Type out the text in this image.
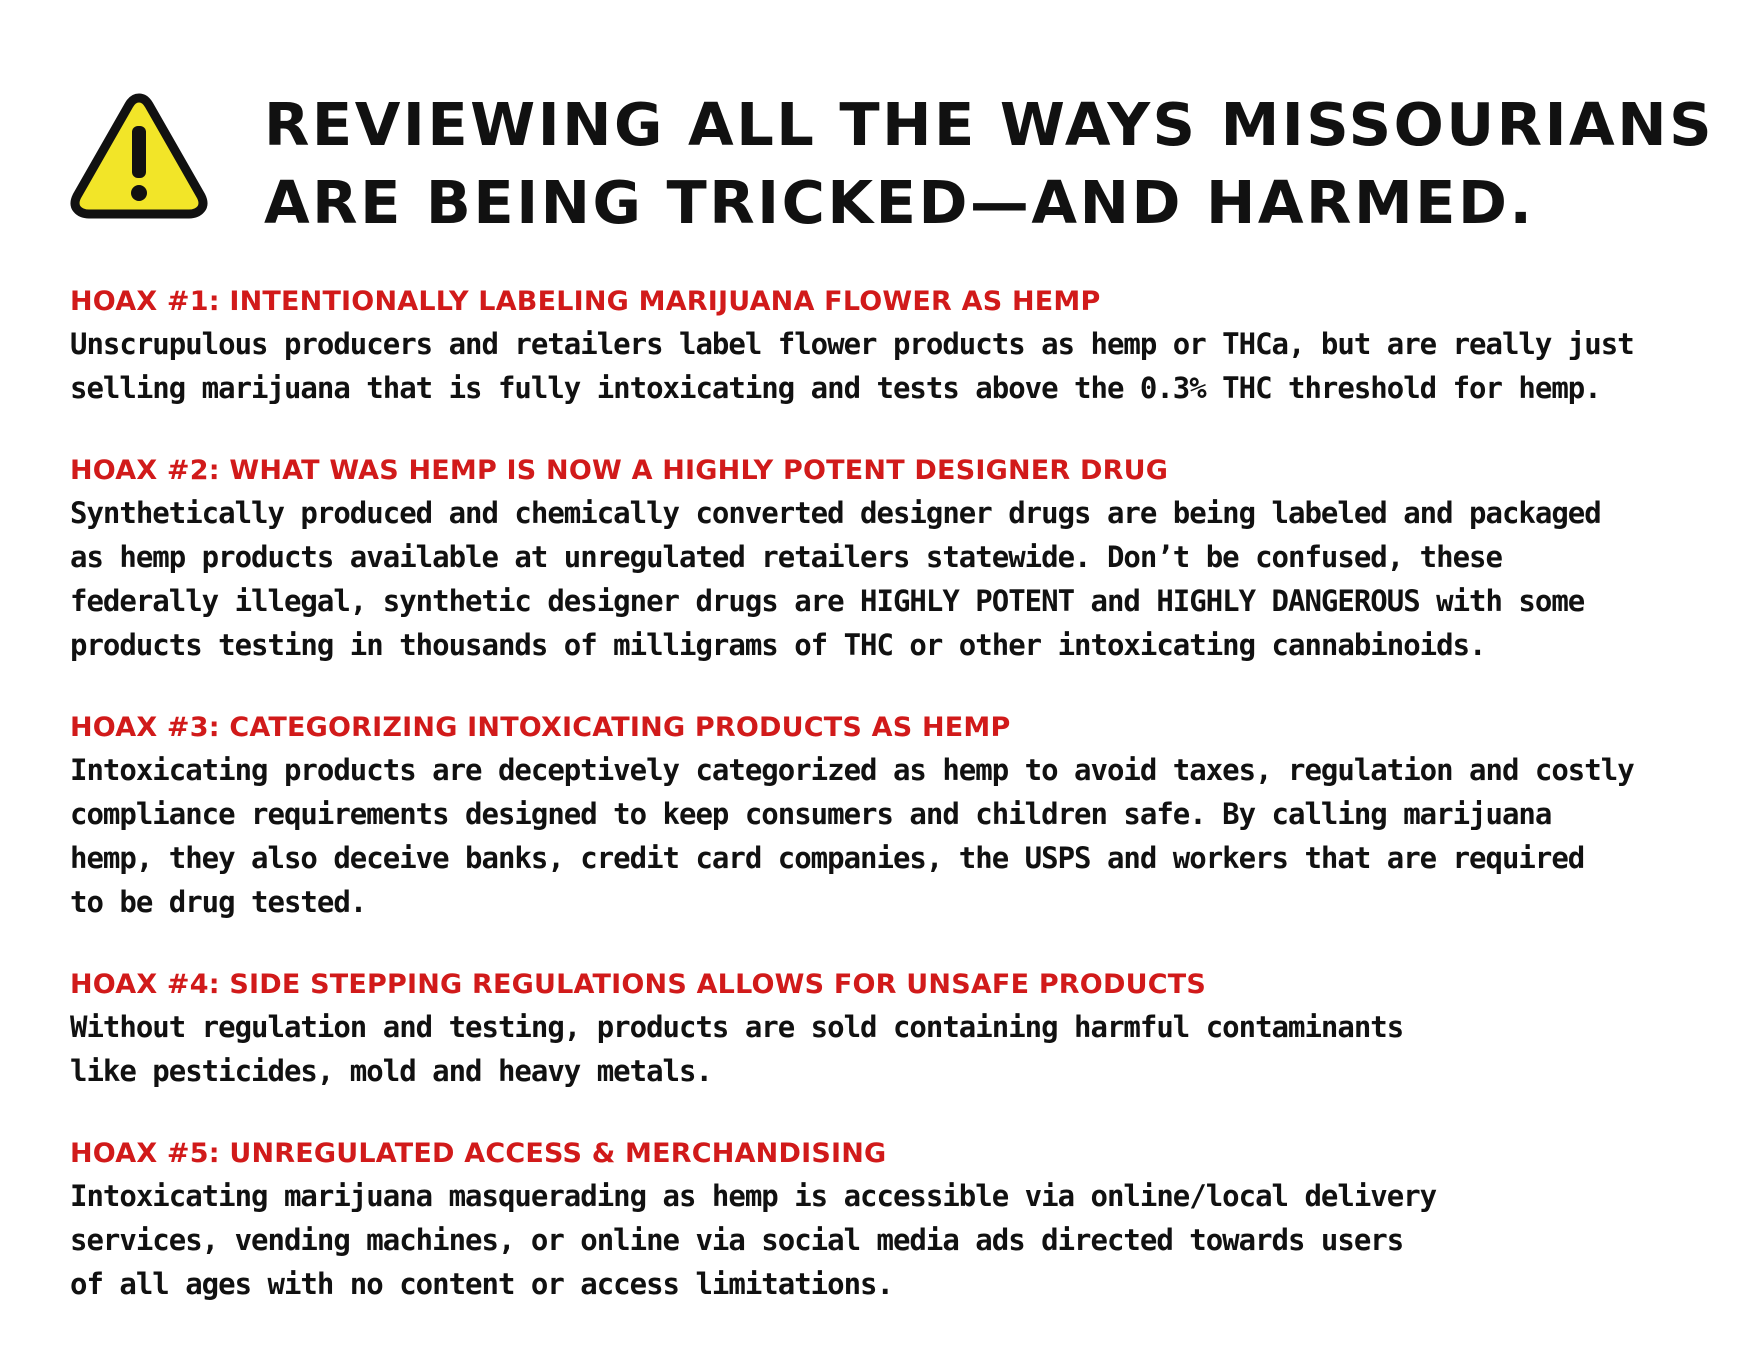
REVIEWING ALL THE WAYS MISSOURIANS
ARE BEING TRICKED—AND HARMED.
HOAX #1: INTENTIONALLY LABELING MARIJUANA FLOWER AS HEMP

Unscrupulous producers and retailers label flower products as hemp or THCa, but are really just
selling marijuana that is fully intoxicating and tests above the 0.3% THC threshold for hemp.

HOAX #2: WHAT WAS HEMP IS NOW A HIGHLY POTENT DESIGNER DRUG

Synthetically produced and chemically converted designer drugs are being labeled and packaged
as hemp products available at unregulated retailers statewide. Don’t be confused, these
federally illegal, synthetic designer drugs are HIGHLY POTENT and HIGHLY DANGEROUS with some
products testing in thousands of milligrams of THC or other intoxicating cannabinoids.

HOAX #3: CATEGORIZING INTOXICATING PRODUCTS AS HEMP

Intoxicating products are deceptively categorized as hemp to avoid taxes, regulation and costly
compliance requirements designed to keep consumers and children safe. By calling marijuana
hemp, they also deceive banks, credit card companies, the USPS and workers that are required
to be drug tested.

HOAX #4: SIDE STEPPING REGULATIONS ALLOWS FOR UNSAFE PRODUCTS

Without regulation and testing, products are sold containing harmful contaminants
like pesticides, mold and heavy metals.

HOAX #5: UNREGULATED ACCESS & MERCHANDISING

Intoxicating marijuana masquerading as hemp is accessible via online/local delivery
services, vending machines, or online via social media ads directed towards users
of all ages with no content or access limitations.
